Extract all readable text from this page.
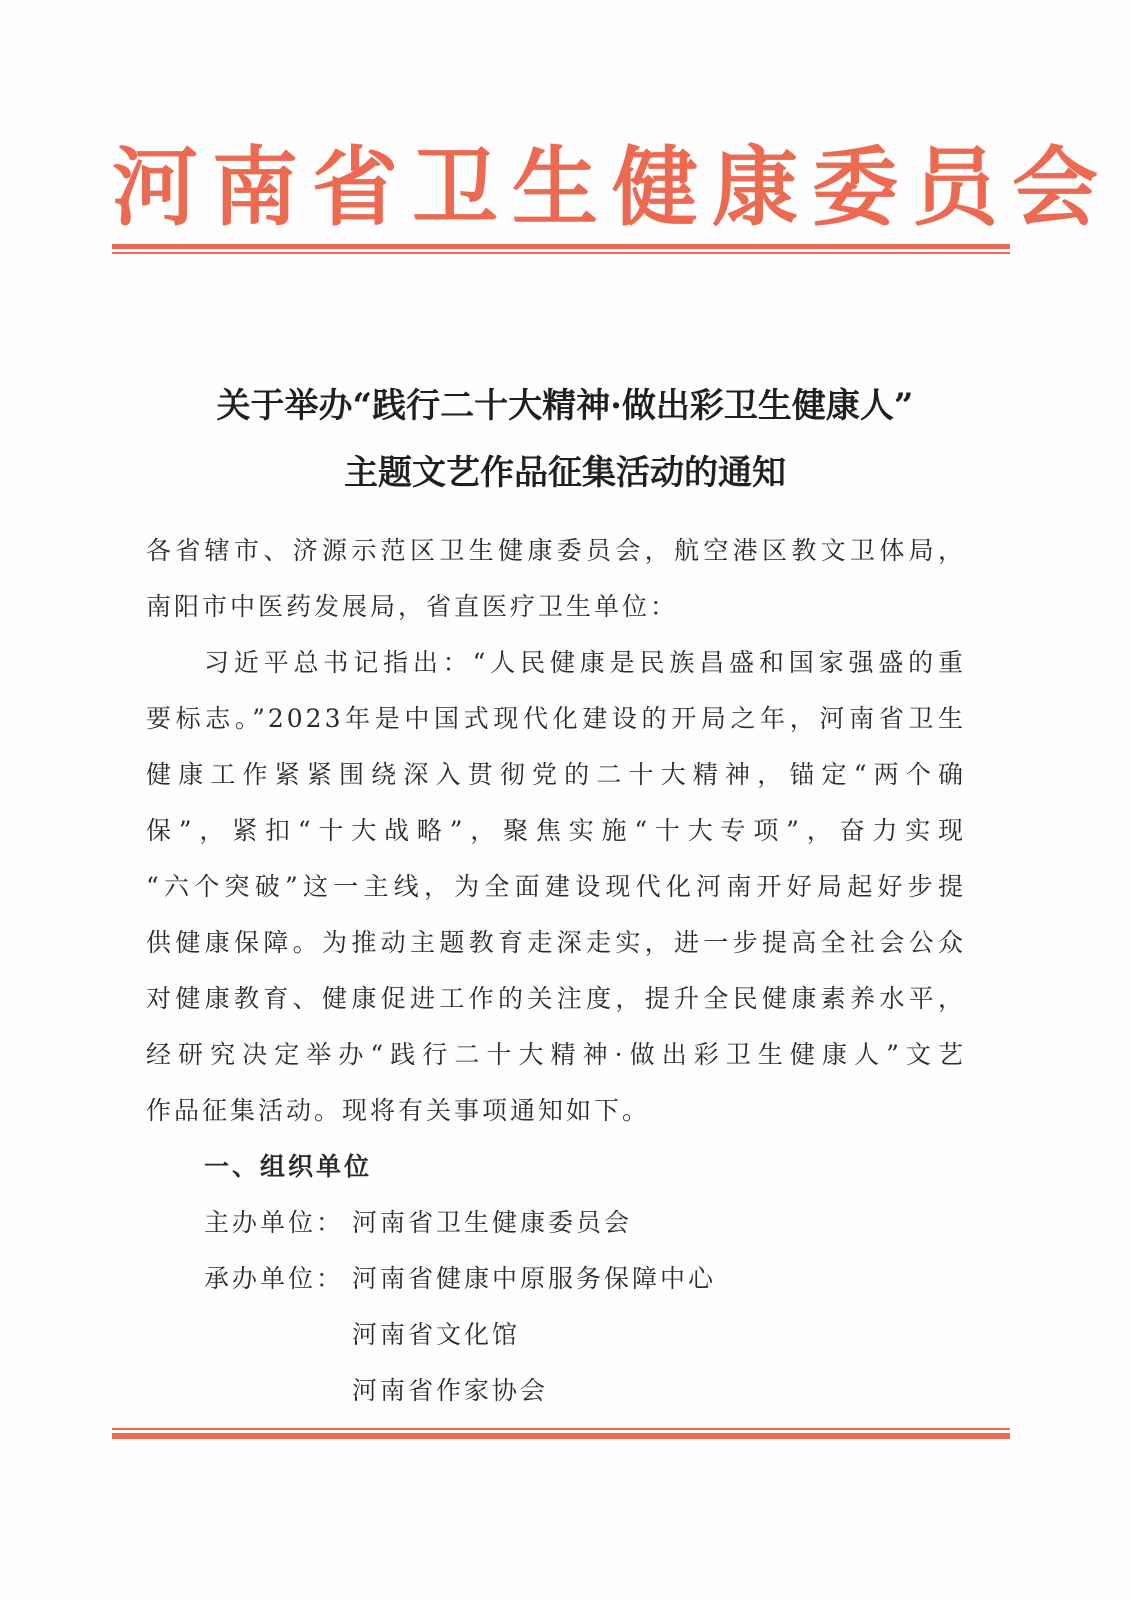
河南省卫生健康委员会
关于举办“践行二十大精神·做出彩卫生健康人”
主题文艺作品征集活动的通知
各省辖市、济源示范区卫生健康委员会，航空港区教文卫体局，
南阳市中医药发展局，省直医疗卫生单位：
习近平总书记指出：“人民健康是民族昌盛和国家强盛的重
要标志。”2023年是中国式现代化建设的开局之年，河南省卫生
健康工作紧紧围绕深入贯彻党的二十大精神，锚定“两个确
保”，紧扣“十大战略”，聚焦实施“十大专项”，奋力实现
“六个突破”这一主线，为全面建设现代化河南开好局起好步提
供健康保障。为推动主题教育走深走实，进一步提高全社会公众
对健康教育、健康促进工作的关注度，提升全民健康素养水平，
经研究决定举办“践行二十大精神·做出彩卫生健康人”文艺
作品征集活动。现将有关事项通知如下。
一、组织单位
主办单位： 河南省卫生健康委员会
承办单位： 河南省健康中原服务保障中心
河南省文化馆
河南省作家协会
